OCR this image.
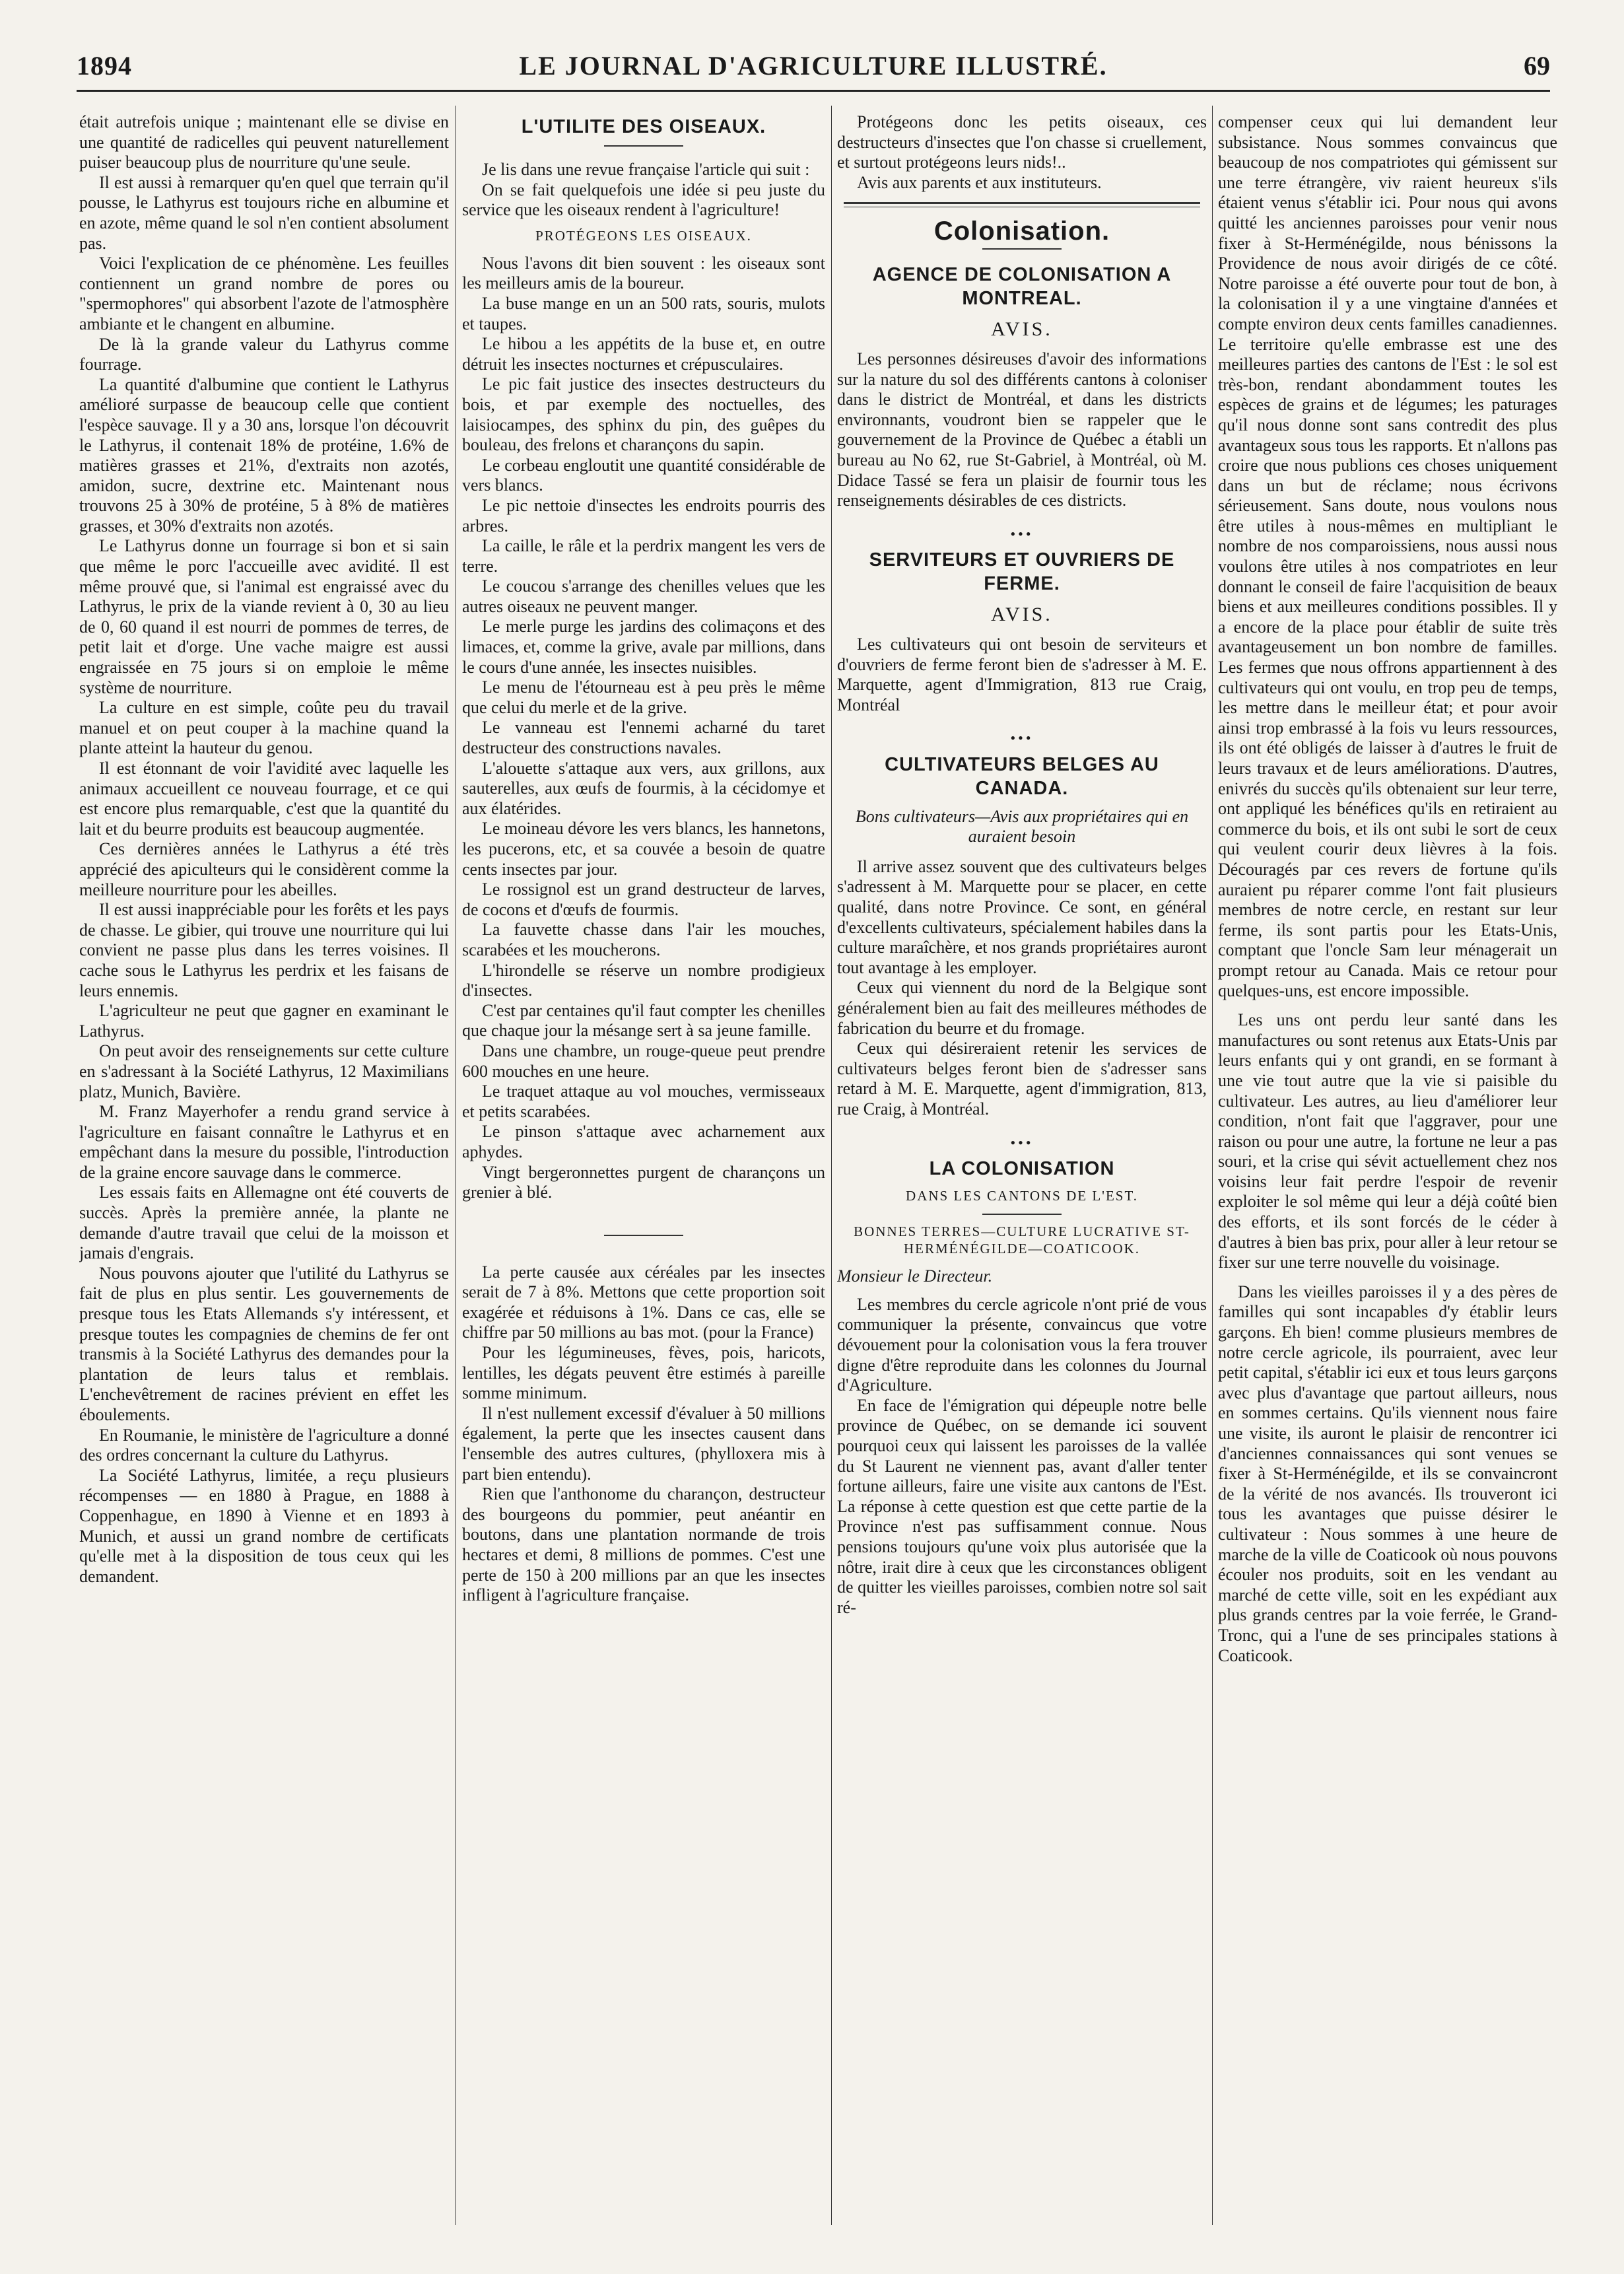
1894	LE JOURNAL D'AGRICULTURE ILLUSTRÉ.	69

était autrefois unique ; maintenant elle se divise en une quantité de radicelles qui peuvent naturellement puiser beaucoup plus de nourriture qu'une seule.

Il est aussi à remarquer qu'en quel que terrain qu'il pousse, le Lathyrus est toujours riche en albumine et en azote, même quand le sol n'en contient absolument pas.

Voici l'explication de ce phénomène. Les feuilles contiennent un grand nombre de pores ou "spermophores" qui absorbent l'azote de l'atmosphère ambiante et le changent en albumine.

De là la grande valeur du Lathyrus comme fourrage.

La quantité d'albumine que contient le Lathyrus amélioré surpasse de beaucoup celle que contient l'espèce sauvage. Il y a 30 ans, lorsque l'on découvrit le Lathyrus, il contenait 18% de protéine, 1.6% de matières grasses et 21%, d'extraits non azotés, amidon, sucre, dextrine etc. Maintenant nous trouvons 25 à 30% de protéine, 5 à 8% de matières grasses, et 30% d'extraits non azotés.

Le Lathyrus donne un fourrage si bon et si sain que même le porc l'accueille avec avidité. Il est même prouvé que, si l'animal est engraissé avec du Lathyrus, le prix de la viande revient à 0, 30 au lieu de 0, 60 quand il est nourri de pommes de terres, de petit lait et d'orge. Une vache maigre est aussi engraissée en 75 jours si on emploie le même système de nourriture.

La culture en est simple, coûte peu du travail manuel et on peut couper à la machine quand la plante atteint la hauteur du genou.

Il est étonnant de voir l'avidité avec laquelle les animaux accueillent ce nouveau fourrage, et ce qui est encore plus remarquable, c'est que la quantité du lait et du beurre produits est beaucoup augmentée.

Ces dernières années le Lathyrus a été très apprécié des apiculteurs qui le considèrent comme la meilleure nourriture pour les abeilles.

Il est aussi inappréciable pour les forêts et les pays de chasse. Le gibier, qui trouve une nourriture qui lui convient ne passe plus dans les terres voisines. Il cache sous le Lathyrus les perdrix et les faisans de leurs ennemis.

L'agriculteur ne peut que gagner en examinant le Lathyrus.

On peut avoir des renseignements sur cette culture en s'adressant à la Société Lathyrus, 12 Maximilians platz, Munich, Bavière.

M. Franz Mayerhofer a rendu grand service à l'agriculture en faisant connaître le Lathyrus et en empêchant dans la mesure du possible, l'introduction de la graine encore sauvage dans le commerce.

Les essais faits en Allemagne ont été couverts de succès. Après la première année, la plante ne demande d'autre travail que celui de la moisson et jamais d'engrais.

Nous pouvons ajouter que l'utilité du Lathyrus se fait de plus en plus sentir. Les gouvernements de presque tous les Etats Allemands s'y intéressent, et presque toutes les compagnies de chemins de fer ont transmis à la Société Lathyrus des demandes pour la plantation de leurs talus et remblais. L'enchevêtrement de racines prévient en effet les éboulements.

En Roumanie, le ministère de l'agriculture a donné des ordres concernant la culture du Lathyrus.

La Société Lathyrus, limitée, a reçu plusieurs récompenses — en 1880 à Prague, en 1888 à Coppenhague, en 1890 à Vienne et en 1893 à Munich, et aussi un grand nombre de certificats qu'elle met à la disposition de tous ceux qui les demandent.

L'UTILITE DES OISEAUX.

Je lis dans une revue française l'article qui suit :

On se fait quelquefois une idée si peu juste du service que les oiseaux rendent à l'agriculture!

PROTÉGEONS LES OISEAUX.

Nous l'avons dit bien souvent : les oiseaux sont les meilleurs amis de la boureur.

La buse mange en un an 500 rats, souris, mulots et taupes.

Le hibou a les appétits de la buse et, en outre détruit les insectes nocturnes et crépusculaires.

Le pic fait justice des insectes destructeurs du bois, et par exemple des noctuelles, des laisiocampes, des sphinx du pin, des guêpes du bouleau, des frelons et charançons du sapin.

Le corbeau engloutit une quantité considérable de vers blancs.

Le pic nettoie d'insectes les endroits pourris des arbres.

La caille, le râle et la perdrix mangent les vers de terre.

Le coucou s'arrange des chenilles velues que les autres oiseaux ne peuvent manger.

Le merle purge les jardins des colimaçons et des limaces, et, comme la grive, avale par millions, dans le cours d'une année, les insectes nuisibles.

Le menu de l'étourneau est à peu près le même que celui du merle et de la grive.

Le vanneau est l'ennemi acharné du taret destructeur des constructions navales.

L'alouette s'attaque aux vers, aux grillons, aux sauterelles, aux œufs de fourmis, à la cécidomye et aux élatérides.

Le moineau dévore les vers blancs, les hannetons, les pucerons, etc, et sa couvée a besoin de quatre cents insectes par jour.

Le rossignol est un grand destructeur de larves, de cocons et d'œufs de fourmis.

La fauvette chasse dans l'air les mouches, scarabées et les moucherons.

L'hirondelle se réserve un nombre prodigieux d'insectes.

C'est par centaines qu'il faut compter les chenilles que chaque jour la mésange sert à sa jeune famille.

Dans une chambre, un rouge-queue peut prendre 600 mouches en une heure.

Le traquet attaque au vol mouches, vermisseaux et petits scarabées.

Le pinson s'attaque avec acharnement aux aphydes.

Vingt bergeronnettes purgent de charançons un grenier à blé.

La perte causée aux céréales par les insectes serait de 7 à 8%. Mettons que cette proportion soit exagérée et réduisons à 1%. Dans ce cas, elle se chiffre par 50 millions au bas mot. (pour la France)

Pour les légumineuses, fèves, pois, haricots, lentilles, les dégats peuvent être estimés à pareille somme minimum.

Il n'est nullement excessif d'évaluer à 50 millions également, la perte que les insectes causent dans l'ensemble des autres cultures, (phylloxera mis à part bien entendu).

Rien que l'anthonome du charançon, destructeur des bourgeons du pommier, peut anéantir en boutons, dans une plantation normande de trois hectares et demi, 8 millions de pommes. C'est une perte de 150 à 200 millions par an que les insectes infligent à l'agriculture française.

Protégeons donc les petits oiseaux, ces destructeurs d'insectes que l'on chasse si cruellement, et surtout protégeons leurs nids!..

Avis aux parents et aux instituteurs.

Colonisation.
AGENCE DE COLONISATION A MONTREAL.
AVIS.

Les personnes désireuses d'avoir des informations sur la nature du sol des différents cantons à coloniser dans le district de Montréal, et dans les districts environnants, voudront bien se rappeler que le gouvernement de la Province de Québec a établi un bureau au No 62, rue St-Gabriel, à Montréal, où M. Didace Tassé se fera un plaisir de fournir tous les renseignements désirables de ces districts.

•••
SERVITEURS ET OUVRIERS DE FERME.
AVIS.

Les cultivateurs qui ont besoin de serviteurs et d'ouvriers de ferme feront bien de s'adresser à M. E. Marquette, agent d'Immigration, 813 rue Craig, Montréal

•••
CULTIVATEURS BELGES AU CANADA.
Bons cultivateurs—Avis aux propriétaires qui en auraient besoin

Il arrive assez souvent que des cultivateurs belges s'adressent à M. Marquette pour se placer, en cette qualité, dans notre Province. Ce sont, en général d'excellents cultivateurs, spécialement habiles dans la culture maraîchère, et nos grands propriétaires auront tout avantage à les employer.

Ceux qui viennent du nord de la Belgique sont généralement bien au fait des meilleures méthodes de fabrication du beurre et du fromage.

Ceux qui désireraient retenir les services de cultivateurs belges feront bien de s'adresser sans retard à M. E. Marquette, agent d'immigration, 813, rue Craig, à Montréal.

•••
LA COLONISATION
DANS LES CANTONS DE L'EST.
BONNES TERRES—CULTURE LUCRATIVE ST-HERMÉNÉGILDE—COATICOOK.
Monsieur le Directeur.

Les membres du cercle agricole n'ont prié de vous communiquer la présente, convaincus que votre dévouement pour la colonisation vous la fera trouver digne d'être reproduite dans les colonnes du Journal d'Agriculture.

En face de l'émigration qui dépeuple notre belle province de Québec, on se demande ici souvent pourquoi ceux qui laissent les paroisses de la vallée du St Laurent ne viennent pas, avant d'aller tenter fortune ailleurs, faire une visite aux cantons de l'Est. La réponse à cette question est que cette partie de la Province n'est pas suffisamment connue. Nous pensions toujours qu'une voix plus autorisée que la nôtre, irait dire à ceux que les circonstances obligent de quitter les vieilles paroisses, combien notre sol sait ré-

compenser ceux qui lui demandent leur subsistance. Nous sommes convaincus que beaucoup de nos compatriotes qui gémissent sur une terre étrangère, viv raient heureux s'ils étaient venus s'établir ici. Pour nous qui avons quitté les anciennes paroisses pour venir nous fixer à St-Herménégilde, nous bénissons la Providence de nous avoir dirigés de ce côté. Notre paroisse a été ouverte pour tout de bon, à la colonisation il y a une vingtaine d'années et compte environ deux cents familles canadiennes. Le territoire qu'elle embrasse est une des meilleures parties des cantons de l'Est : le sol est très-bon, rendant abondamment toutes les espèces de grains et de légumes; les paturages qu'il nous donne sont sans contredit des plus avantageux sous tous les rapports. Et n'allons pas croire que nous publions ces choses uniquement dans un but de réclame; nous écrivons sérieusement. Sans doute, nous voulons nous être utiles à nous-mêmes en multipliant le nombre de nos comparoissiens, nous aussi nous voulons être utiles à nos compatriotes en leur donnant le conseil de faire l'acquisition de beaux biens et aux meilleures conditions possibles. Il y a encore de la place pour établir de suite très avantageusement un bon nombre de familles. Les fermes que nous offrons appartiennent à des cultivateurs qui ont voulu, en trop peu de temps, les mettre dans le meilleur état; et pour avoir ainsi trop embrassé à la fois vu leurs ressources, ils ont été obligés de laisser à d'autres le fruit de leurs travaux et de leurs améliorations. D'autres, enivrés du succès qu'ils obtenaient sur leur terre, ont appliqué les bénéfices qu'ils en retiraient au commerce du bois, et ils ont subi le sort de ceux qui veulent courir deux lièvres à la fois. Découragés par ces revers de fortune qu'ils auraient pu réparer comme l'ont fait plusieurs membres de notre cercle, en restant sur leur ferme, ils sont partis pour les Etats-Unis, comptant que l'oncle Sam leur ménagerait un prompt retour au Canada. Mais ce retour pour quelques-uns, est encore impossible.

Les uns ont perdu leur santé dans les manufactures ou sont retenus aux Etats-Unis par leurs enfants qui y ont grandi, en se formant à une vie tout autre que la vie si paisible du cultivateur. Les autres, au lieu d'améliorer leur condition, n'ont fait que l'aggraver, pour une raison ou pour une autre, la fortune ne leur a pas souri, et la crise qui sévit actuellement chez nos voisins leur fait perdre l'espoir de revenir exploiter le sol même qui leur a déjà coûté bien des efforts, et ils sont forcés de le céder à d'autres à bien bas prix, pour aller à leur retour se fixer sur une terre nouvelle du voisinage.

Dans les vieilles paroisses il y a des pères de familles qui sont incapables d'y établir leurs garçons. Eh bien! comme plusieurs membres de notre cercle agricole, ils pourraient, avec leur petit capital, s'établir ici eux et tous leurs garçons avec plus d'avantage que partout ailleurs, nous en sommes certains. Qu'ils viennent nous faire une visite, ils auront le plaisir de rencontrer ici d'anciennes connaissances qui sont venues se fixer à St-Herménégilde, et ils se convaincront de la vérité de nos avancés. Ils trouveront ici tous les avantages que puisse désirer le cultivateur : Nous sommes à une heure de marche de la ville de Coaticook où nous pouvons écouler nos produits, soit en les vendant au marché de cette ville, soit en les expédiant aux plus grands centres par la voie ferrée, le Grand-Tronc, qui a l'une de ses principales stations à Coaticook.
